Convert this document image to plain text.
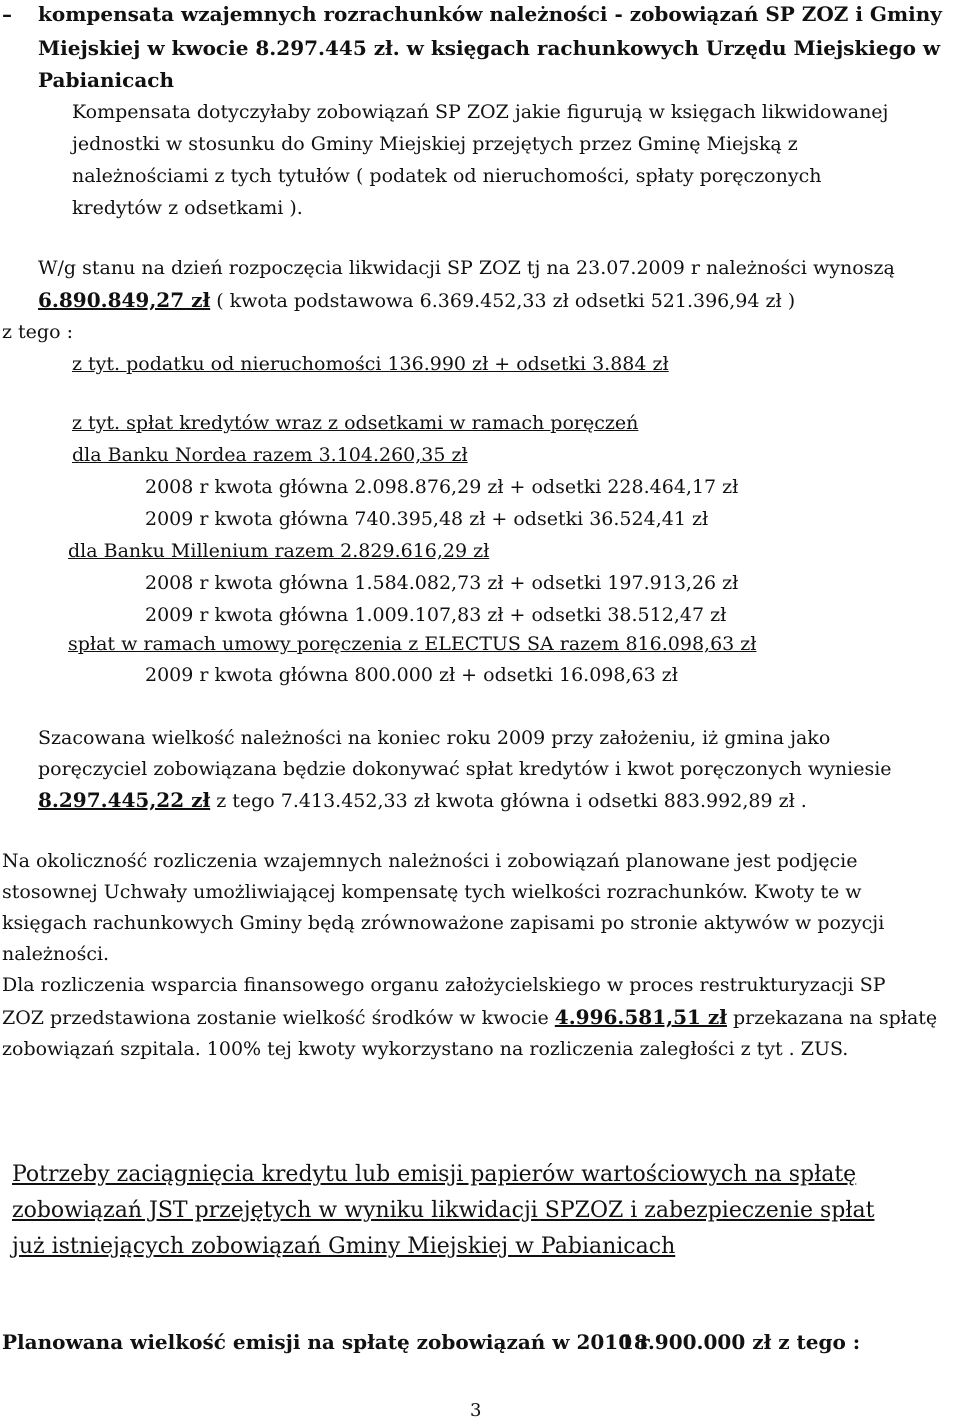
– kompensata wzajemnych rozrachunków należności - zobowiązań SP ZOZ i Gminy
Miejskiej w kwocie 8.297.445 zł. w księgach rachunkowych Urzędu Miejskiego w
Pabianicach
Kompensata dotyczyłaby zobowiązań SP ZOZ jakie figurują w księgach likwidowanej
jednostki w stosunku do Gminy Miejskiej przejętych przez Gminę Miejską z
należnościami z tych tytułów ( podatek od nieruchomości, spłaty poręczonych
kredytów z odsetkami ).
W/g stanu na dzień rozpoczęcia likwidacji SP ZOZ tj na 23.07.2009 r należności wynoszą
6.890.849,27 zł ( kwota podstawowa 6.369.452,33 zł odsetki 521.396,94 zł )
z tego :
z tyt. podatku od nieruchomości 136.990 zł + odsetki 3.884 zł
z tyt. spłat kredytów wraz z odsetkami w ramach poręczeń
dla Banku Nordea razem 3.104.260,35 zł
2008 r kwota główna 2.098.876,29 zł + odsetki 228.464,17 zł
2009 r kwota główna 740.395,48 zł + odsetki 36.524,41 zł
dla Banku Millenium razem 2.829.616,29 zł
2008 r kwota główna 1.584.082,73 zł + odsetki 197.913,26 zł
2009 r kwota główna 1.009.107,83 zł + odsetki 38.512,47 zł
spłat w ramach umowy poręczenia z ELECTUS SA razem 816.098,63 zł
2009 r kwota główna 800.000 zł + odsetki 16.098,63 zł
Szacowana wielkość należności na koniec roku 2009 przy założeniu, iż gmina jako
poręczyciel zobowiązana będzie dokonywać spłat kredytów i kwot poręczonych wyniesie
8.297.445,22 zł z tego 7.413.452,33 zł kwota główna i odsetki 883.992,89 zł .
Na okoliczność rozliczenia wzajemnych należności i zobowiązań planowane jest podjęcie
stosownej Uchwały umożliwiającej kompensatę tych wielkości rozrachunków. Kwoty te w
księgach rachunkowych Gminy będą zrównoważone zapisami po stronie aktywów w pozycji
należności.
Dla rozliczenia wsparcia finansowego organu założycielskiego w proces restrukturyzacji SP
ZOZ przedstawiona zostanie wielkość środków w kwocie 4.996.581,51 zł przekazana na spłatę
zobowiązań szpitala. 100% tej kwoty wykorzystano na rozliczenia zaległości z tyt . ZUS.
Potrzeby zaciągnięcia kredytu lub emisji papierów wartościowych na spłatę
zobowiązań JST przejętych w wyniku likwidacji SPZOZ i zabezpieczenie spłat
już istniejących zobowiązań Gminy Miejskiej w Pabianicach
Planowana wielkość emisji na spłatę zobowiązań w 2010 r
18.900.000 zł z tego :
3
